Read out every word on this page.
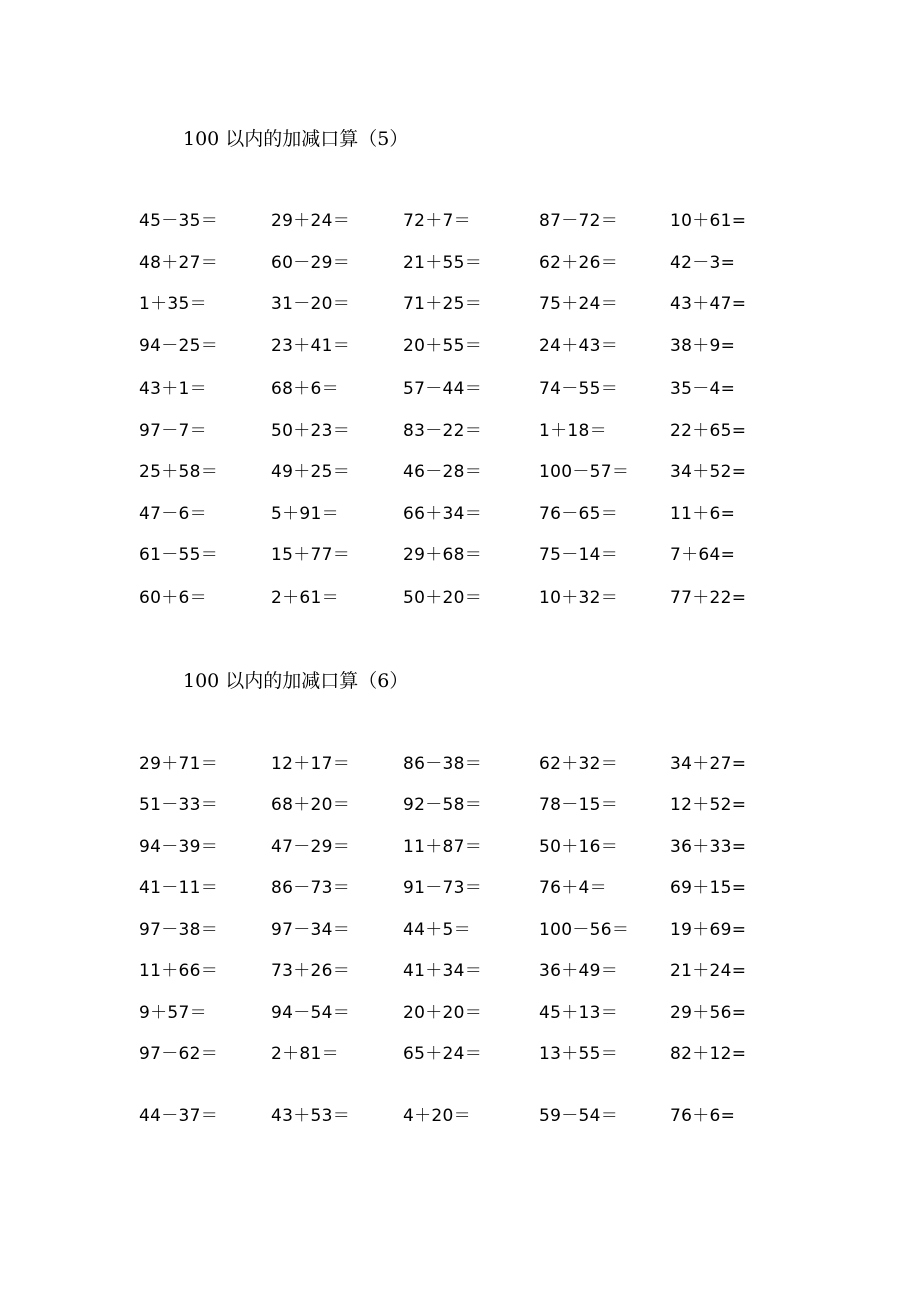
100 以内的加减口算（5）
45－35＝	29＋24＝	72＋7＝	87－72＝	10＋61=
48＋27＝	60－29＝	21＋55＝	62＋26＝	42－3=
1＋35＝	31－20＝	71＋25＝	75＋24＝	43＋47=
94－25＝	23＋41＝	20＋55＝	24＋43＝	38＋9=
43＋1＝	68＋6＝	57－44＝	74－55＝	35－4=
97－7＝	50＋23＝	83－22＝	1＋18＝	22＋65=
25＋58＝	49＋25＝	46－28＝	100－57＝ 34＋52=
47－6＝	5＋91＝	66＋34＝	76－65＝	11＋6=
61－55＝	15＋77＝	29＋68＝	75－14＝	7＋64=
60＋6＝	2＋61＝	50＋20＝	10＋32＝	77＋22=
100 以内的加减口算（6）
29＋71＝	12＋17＝	86－38＝	62＋32＝	34＋27=
51－33＝	68＋20＝	92－58＝	78－15＝	12＋52=
94－39＝	47－29＝	11＋87＝	50＋16＝	36＋33=
41－11＝	86－73＝	91－73＝	76＋4＝	69＋15=
97－38＝	97－34＝	44＋5＝	100－56＝ 19＋69=
11＋66＝	73＋26＝	41＋34＝	36＋49＝	21＋24=
9＋57＝	94－54＝	20＋20＝	45＋13＝	29＋56=
97－62＝	2＋81＝	65＋24＝	13＋55＝	82＋12=
44－37＝	43＋53＝	4＋20＝	59－54＝	76＋6=
